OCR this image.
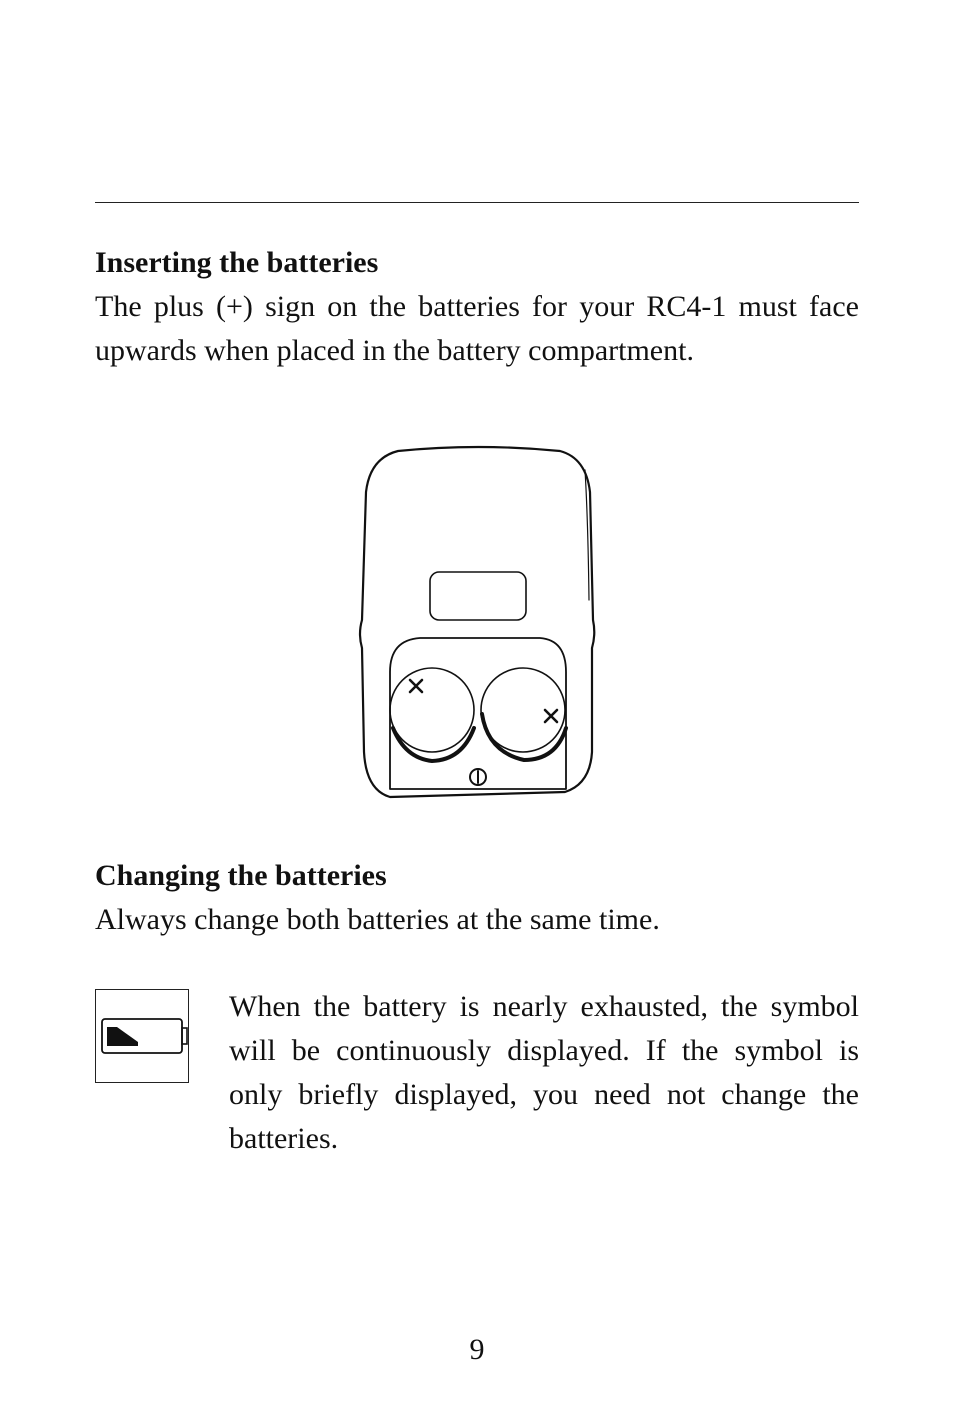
Inserting the batteries

The plus (+) sign on the batteries for your RC4-1 must face upwards when placed in the battery compartment.

Changing the batteries

Always change both batteries at the same time.

When the battery is nearly exhausted, the symbol will be continuously displayed. If the symbol is only briefly displayed, you need not change the batteries.

9
